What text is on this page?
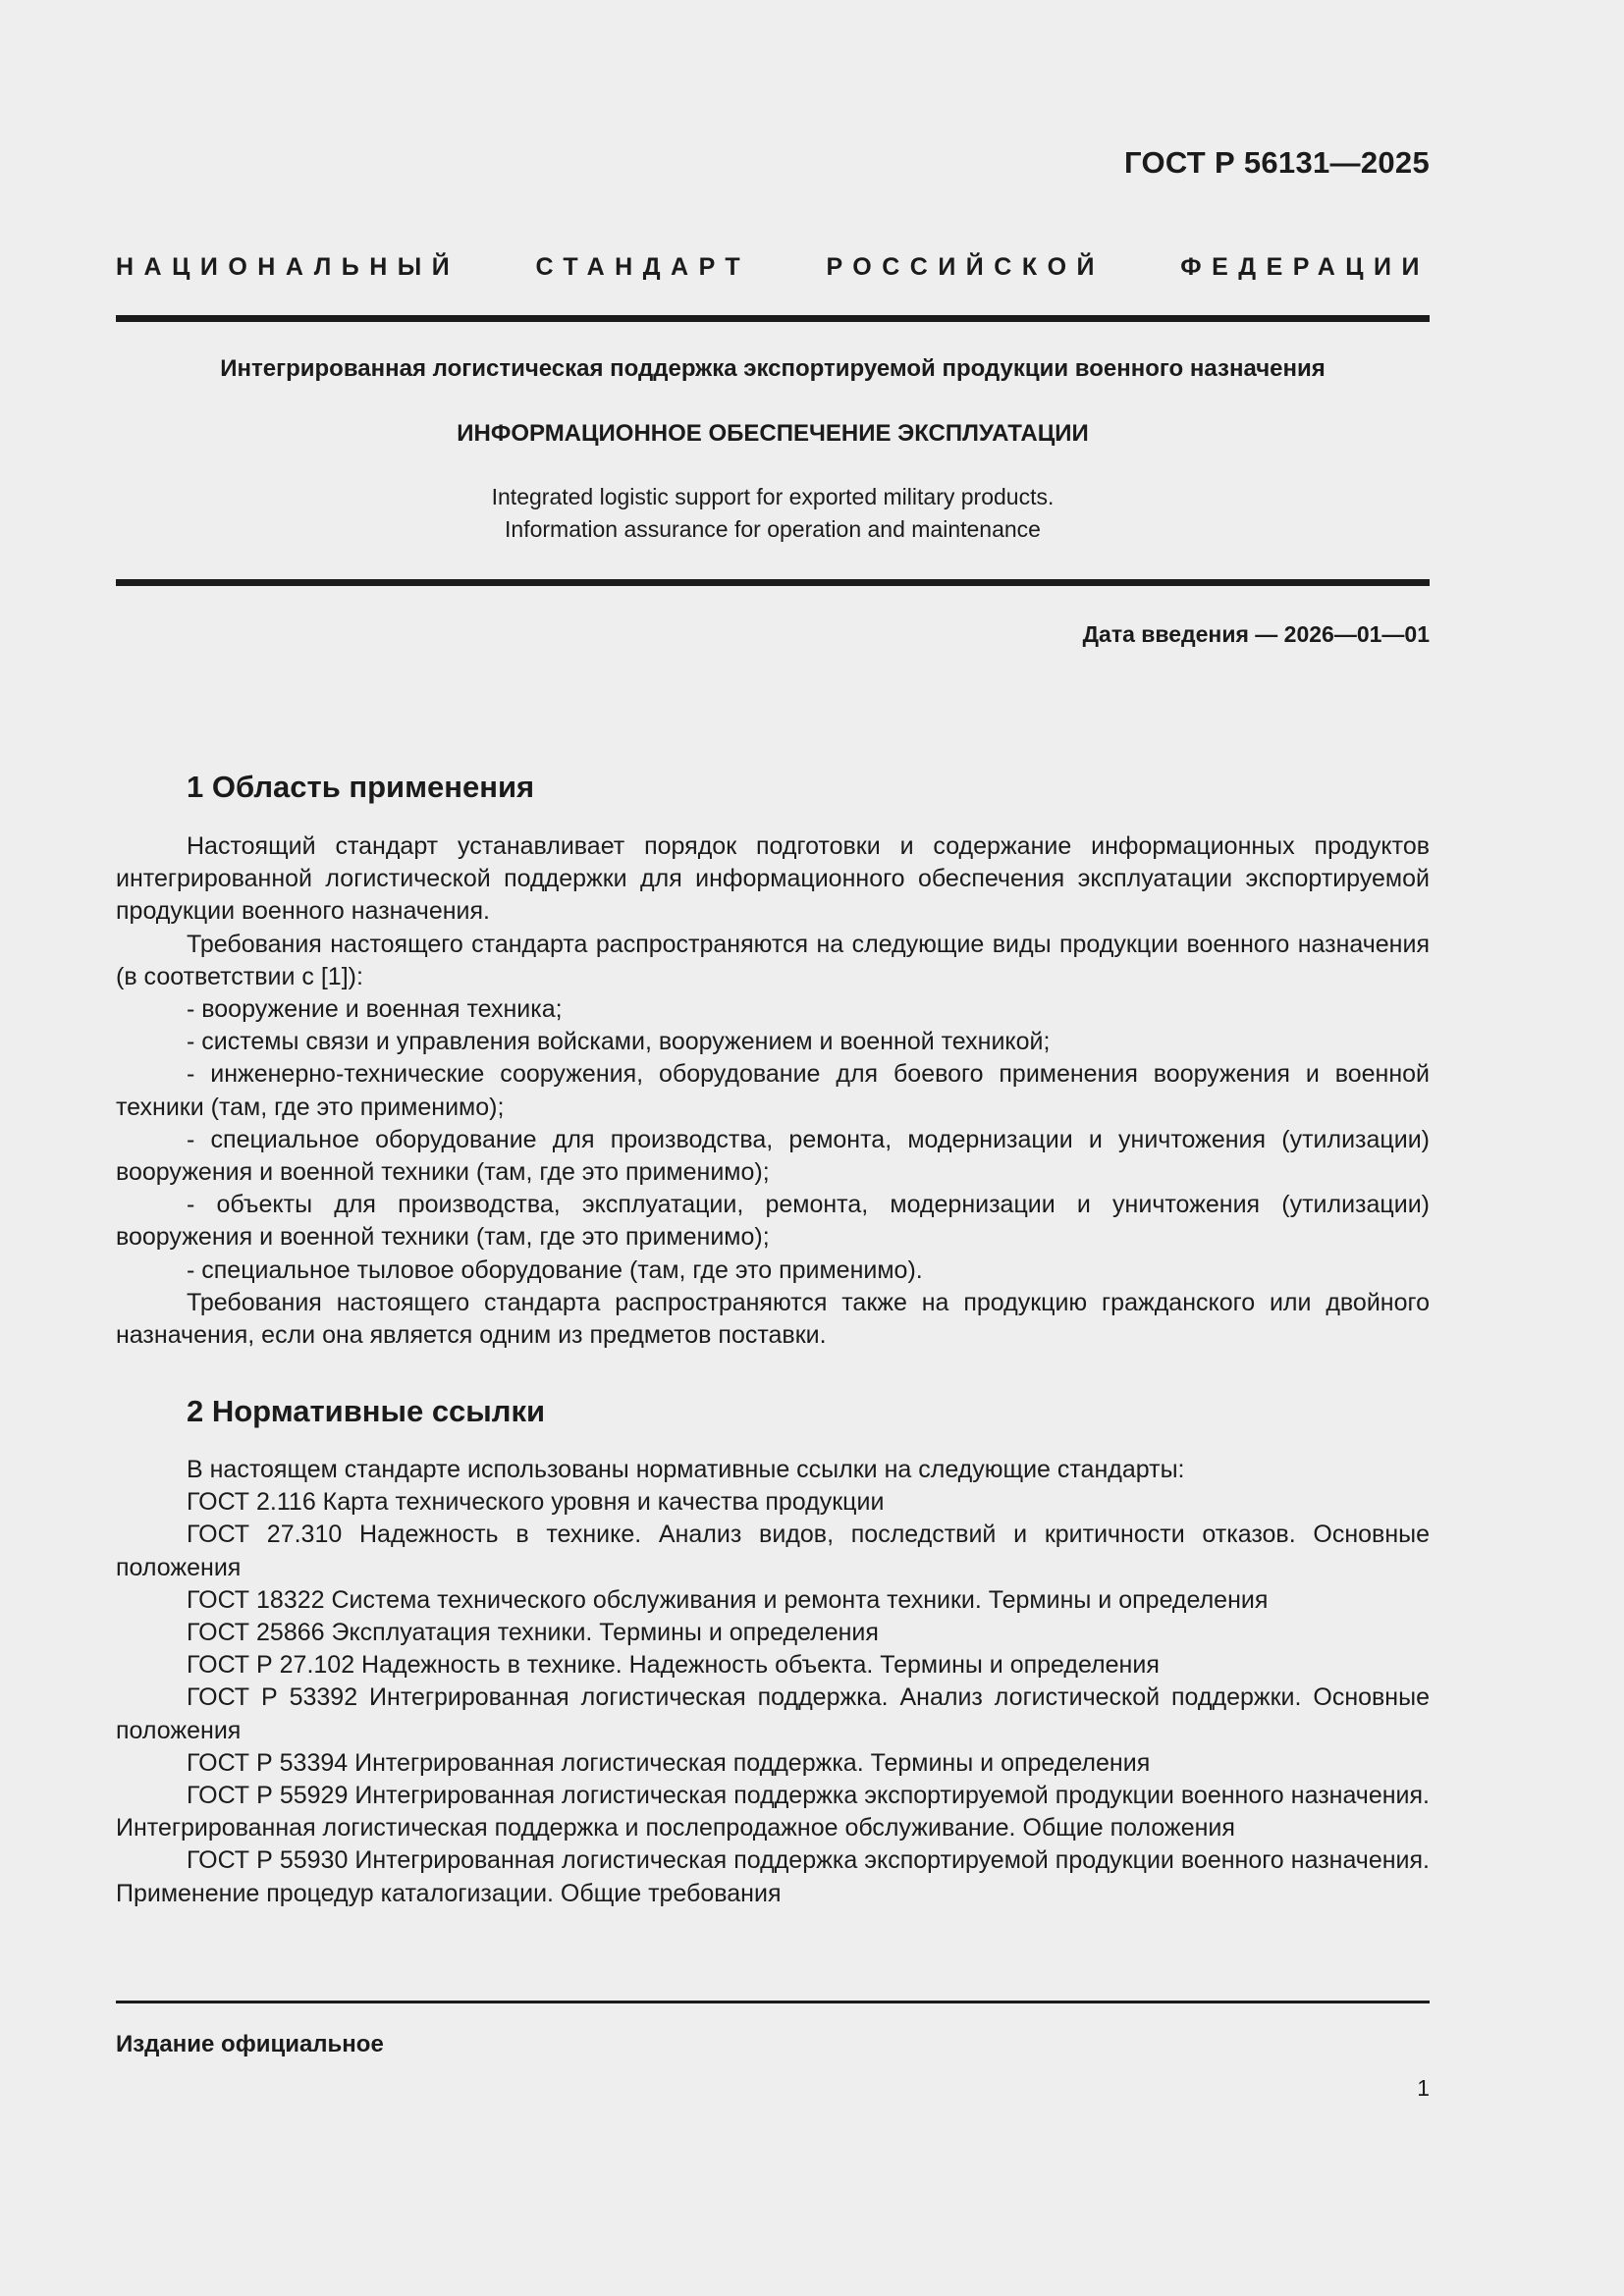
ГОСТ Р 56131—2025
НАЦИОНАЛЬНЫЙ СТАНДАРТ РОССИЙСКОЙ ФЕДЕРАЦИИ
Интегрированная логистическая поддержка экспортируемой продукции военного назначения
ИНФОРМАЦИОННОЕ ОБЕСПЕЧЕНИЕ ЭКСПЛУАТАЦИИ
Integrated logistic support for exported military products.
Information assurance for operation and maintenance
Дата введения — 2026—01—01
1 Область применения

Настоящий стандарт устанавливает порядок подготовки и содержание информационных продуктов интегрированной логистической поддержки для информационного обеспечения эксплуатации экспортируемой продукции военного назначения.

Требования настоящего стандарта распространяются на следующие виды продукции военного назначения (в соответствии с [1]):

- вооружение и военная техника;

- системы связи и управления войсками, вооружением и военной техникой;

- инженерно-технические сооружения, оборудование для боевого применения вооружения и военной техники (там, где это применимо);

- специальное оборудование для производства, ремонта, модернизации и уничтожения (утилизации) вооружения и военной техники (там, где это применимо);

- объекты для производства, эксплуатации, ремонта, модернизации и уничтожения (утилизации) вооружения и военной техники (там, где это применимо);

- специальное тыловое оборудование (там, где это применимо).

Требования настоящего стандарта распространяются также на продукцию гражданского или двойного назначения, если она является одним из предметов поставки.

2 Нормативные ссылки

В настоящем стандарте использованы нормативные ссылки на следующие стандарты:

ГОСТ 2.116 Карта технического уровня и качества продукции

ГОСТ 27.310 Надежность в технике. Анализ видов, последствий и критичности отказов. Основные положения

ГОСТ 18322 Система технического обслуживания и ремонта техники. Термины и определения

ГОСТ 25866 Эксплуатация техники. Термины и определения

ГОСТ Р 27.102 Надежность в технике. Надежность объекта. Термины и определения

ГОСТ Р 53392 Интегрированная логистическая поддержка. Анализ логистической поддержки. Основные положения

ГОСТ Р 53394 Интегрированная логистическая поддержка. Термины и определения

ГОСТ Р 55929 Интегрированная логистическая поддержка экспортируемой продукции военного назначения. Интегрированная логистическая поддержка и послепродажное обслуживание. Общие положения

ГОСТ Р 55930 Интегрированная логистическая поддержка экспортируемой продукции военного назначения. Применение процедур каталогизации. Общие требования

Издание официальное
1
